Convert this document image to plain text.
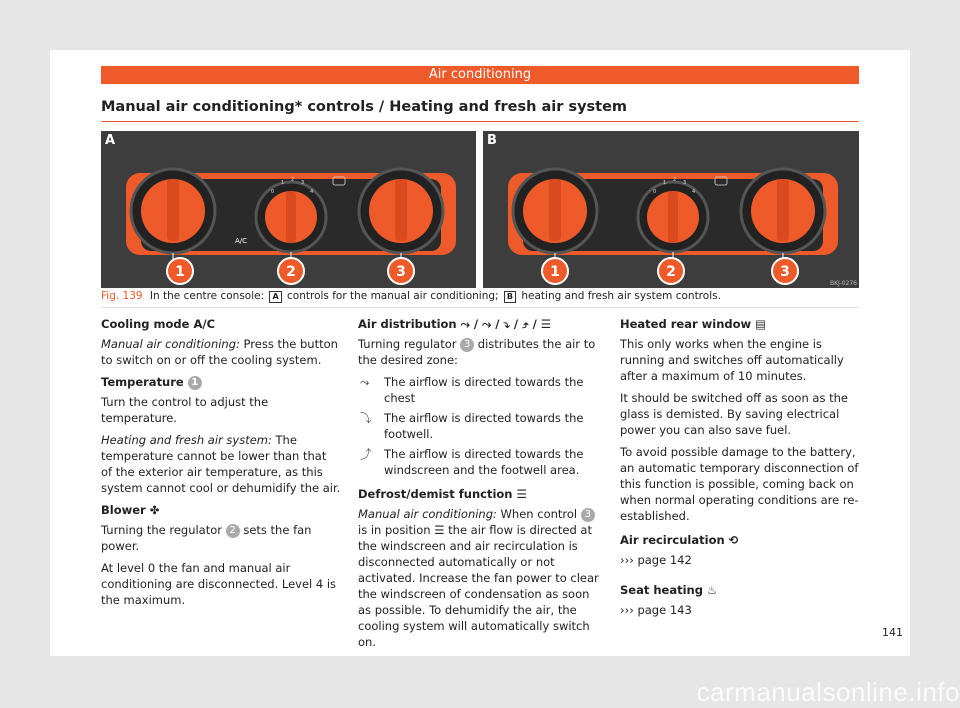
Air conditioning
Manual air conditioning* controls / Heating and fresh air system
1	2	3
A/C
0
1 2 3
4
A
1	2	3
0
1 2 3
4
B
BKJ-0276
Fig. 139 In the centre console: A controls for the manual air conditioning; B heating and fresh air system controls.
Cooling mode A/C
Manual air conditioning: Press the button to switch on or off the cooling system.
Temperature 1
Turn the control to adjust the temperature.
Heating and fresh air system: The temperature cannot be lower than that of the exterior air temperature, as this system cannot cool or dehumidify the air.
Blower ✤
Turning the regulator 2 sets the fan power.
At level 0 the fan and manual air conditioning are disconnected. Level 4 is the maximum.
Air distribution ⤳ / ⤳ / ⤵ / ⤴ / ☰
Turning regulator 3 distributes the air to the desired zone:
⤳ The airflow is directed towards the chest
⤵ The airflow is directed towards the footwell.
⤴ The airflow is directed towards the windscreen and the footwell area.
Defrost/demist function ☰
Manual air conditioning: When control 3 is in position ☰ the air flow is directed at the windscreen and air recirculation is disconnected automatically or not activated. Increase the fan power to clear the windscreen of condensation as soon as possible. To dehumidify the air, the cooling system will automatically switch on.
Heated rear window ▤
This only works when the engine is running and switches off automatically after a maximum of 10 minutes.
It should be switched off as soon as the glass is demisted. By saving electrical power you can also save fuel.
To avoid possible damage to the battery, an automatic temporary disconnection of this function is possible, coming back on when normal operating conditions are re-established.
Air recirculation ⟲
››› page 142
Seat heating ♨
››› page 143
141
carmanualsonline.info
